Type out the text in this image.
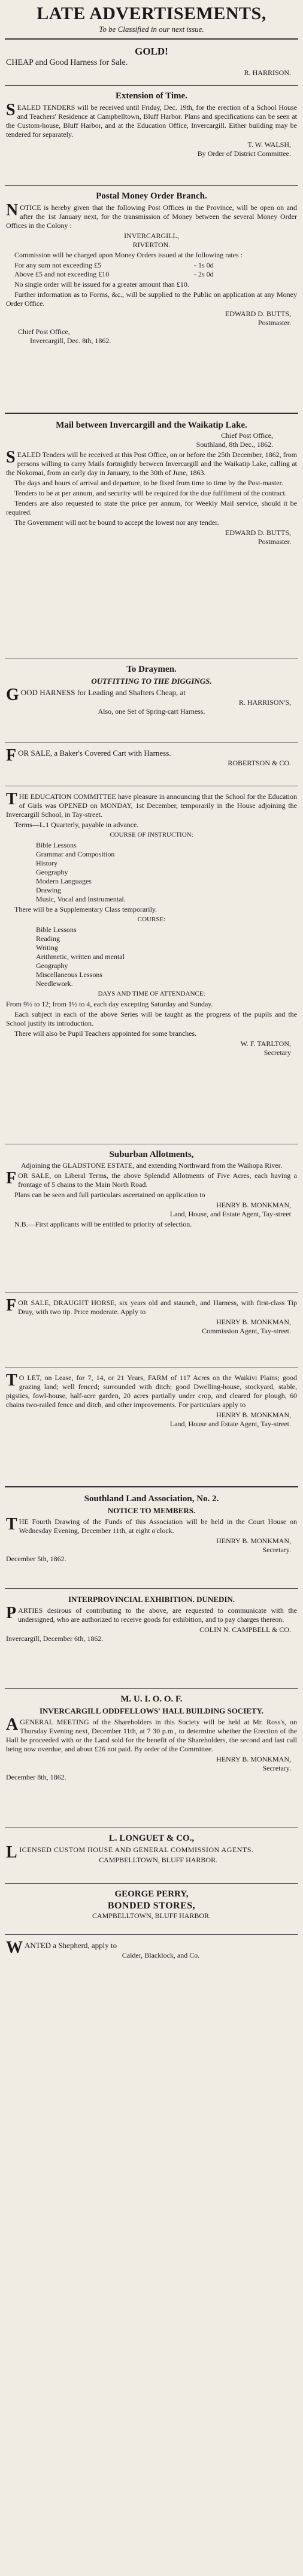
LATE ADVERTISEMENTS,
To be Classified in our next issue.
GOLD!
CHEAP and Good Harness for Sale.
R. HARRISON.
Extension of Time.
SEALED TENDERS will be received until Friday, Dec. 19th, for the erection of a School House and Teachers' Residence at Campbelltown, Bluff Harbor. Plans and specifications can be seen at the Custom-house, Bluff Harbor, and at the Education Office, Invercargill. Either building may be tendered for separately.
T. W. WALSH,
By Order of District Committee.
Postal Money Order Branch.
NOTICE is hereby given that the following Post Offices in the Province, will be open on and after the 1st January next, for the transmission of Money between the several Money Order Offices in the Colony :
INVERCARGILL,
RIVERTON.
Commission will be charged upon Money Orders issued at the following rates :
For any sum not exceeding £5	- 1s 0d
Above £5 and not exceeding £10	- 2s 0d
No single order will be issued for a greater amount than £10.
Further information as to Forms, &c., will be supplied to the Public on application at any Money Order Office.
EDWARD D. BUTTS,
Postmaster.
Chief Post Office,
Invercargill, Dec. 8th, 1862.
Mail between Invercargill and the Waikatip Lake.
Chief Post Office,
Southland, 8th Dec., 1862.
SEALED Tenders will be received at this Post Office, on or before the 25th December, 1862, from persons willing to carry Mails fortnightly between Invercargill and the Waikatip Lake, calling at the Nokomai, from an early day in January, to the 30th of June, 1863.
The days and hours of arrival and departure, to be fixed from time to time by the Post-master.
Tenders to be at per annum, and security will be required for the due fulfilment of the contract.
Tenders are also requested to state the price per annum, for Weekly Mail service, should it be required.
The Government will not be bound to accept the lowest nor any tender.
EDWARD D. BUTTS,
Postmaster.
To Draymen.
OUTFITTING TO THE DIGGINGS.
GOOD HARNESS for Leading and Shafters Cheap, at
R. HARRISON'S,
Also, one Set of Spring-cart Harness.
FOR SALE, a Baker's Covered Cart with Harness.
ROBERTSON & CO.
THE EDUCATION COMMITTEE have pleasure in announcing that the School for the Education of Girls was OPENED on MONDAY, 1st December, temporarily in the House adjoining the Invercargill School, in Tay-street.
Terms—L.1 Quarterly, payable in advance.
COURSE OF INSTRUCTION:
Bible Lessons
Grammar and Composition
History
Geography
Modern Languages
Drawing
Music, Vocal and Instrumental.
There will be a Supplementary Class temporarily.
COURSE:
Bible Lessons
Reading
Writing
Arithmetic, written and mental
Geography
Miscellaneous Lessons
Needlework.
DAYS AND TIME OF ATTENDANCE:
From 9½ to 12; from 1½ to 4, each day excepting Saturday and Sunday.
Each subject in each of the above Series will be taught as the progress of the pupils and the School justify its introduction.
There will also be Pupil Teachers appointed for some branches.
W. F. TARLTON,
Secretary
Suburban Allotments,
Adjoining the GLADSTONE ESTATE, and extending Northward from the Waihopa River.
FOR SALE, on Liberal Terms, the above Splendid Allotments of Five Acres, each having a frontage of 5 chains to the Main North Road.
Plans can be seen and full particulars ascertained on application to
HENRY B. MONKMAN,
Land, House, and Estate Agent, Tay-street
N.B.—First applicants will be entitled to priority of selection.
FOR SALE, DRAUGHT HORSE, six years old and staunch, and Harness, with first-class Tip Dray, with two tip. Price moderate. Apply to
HENRY B. MONKMAN,
Commission Agent, Tay-street.
TO LET, on Lease, for 7, 14, or 21 Years, FARM of 117 Acres on the Waikivi Plains; good grazing land; well fenced; surrounded with ditch; good Dwelling-house, stockyard, stable, pigsties, fowl-house, half-acre garden, 20 acres partially under crop, and cleared for plough, 60 chains two-railed fence and ditch, and other improvements. For particulars apply to
HENRY B. MONKMAN,
Land, House and Estate Agent, Tay-street.
Southland Land Association, No. 2.
NOTICE TO MEMBERS.
THE Fourth Drawing of the Funds of this Association will be held in the Court House on Wednesday Evening, December 11th, at eight o'clock.
HENRY B. MONKMAN,
Secretary.
December 5th, 1862.
INTERPROVINCIAL EXHIBITION. DUNEDIN.
PARTIES desirous of contributing to the above, are requested to communicate with the undersigned, who are authorized to receive goods for exhibition, and to pay charges thereon.
COLIN N. CAMPBELL & CO.
Invercargill, December 6th, 1862.
M. U. I. O. O. F.
INVERCARGILL ODDFELLOWS' HALL BUILDING SOCIETY.
AGENERAL MEETING of the Shareholders in this Society will be held at Mr. Ross's, on Thursday Evening next, December 11th, at 7 30 p.m., to determine whether the Erection of the Hall be proceeded with or the Land sold for the benefit of the Shareholders, the second and last call being now overdue, and about £26 not paid. By order of the Committee.
HENRY B. MONKMAN,
Secretary.
December 8th, 1862.
L. LONGUET & CO.,
LICENSED CUSTOM HOUSE AND GENERAL COMMISSION AGENTS.
CAMPBELLTOWN, BLUFF HARBOR.
GEORGE PERRY,
BONDED STORES,
CAMPBELLTOWN, BLUFF HARBOR.
WANTED a Shepherd, apply to
Calder, Blacklock, and Co.
